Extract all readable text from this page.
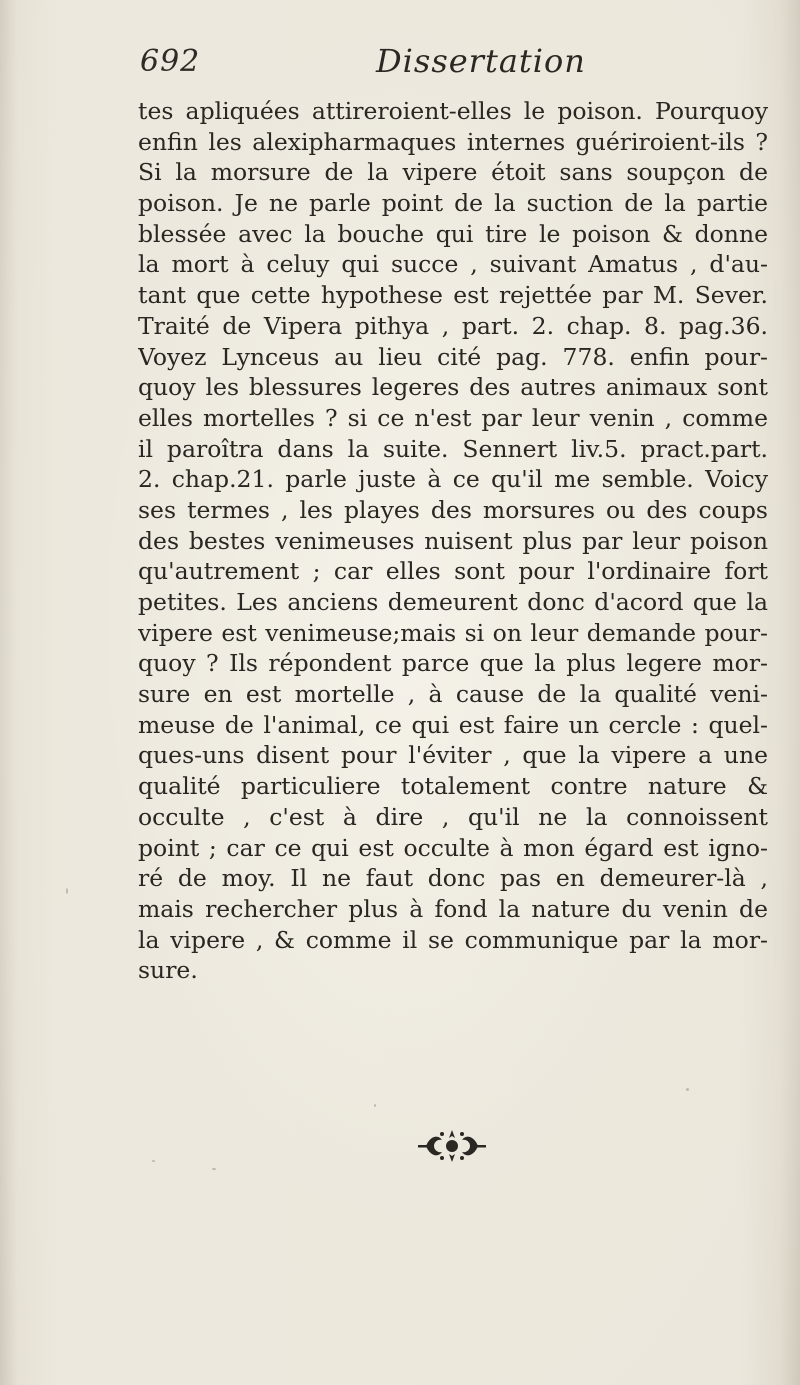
692	Dissertation
tes apliquées attireroient-elles le poison. Pourquoy
enfin les alexipharmaques internes guériroient-ils ?
Si la morsure de la vipere étoit sans soupçon de
poison. Je ne parle point de la suction de la partie
blessée avec la bouche qui tire le poison & donne
la mort à celuy qui succe , suivant Amatus , d'au-
tant que cette hypothese est rejettée par M. Sever.
Traité de Vipera pithya , part. 2. chap. 8. pag.36.
Voyez Lynceus au lieu cité pag. 778. enfin pour-
quoy les blessures legeres des autres animaux sont
elles mortelles ? si ce n'est par leur venin , comme
il paroîtra dans la suite. Sennert liv.5. pract.part.
2. chap.21. parle juste à ce qu'il me semble. Voicy
ses termes , les playes des morsures ou des coups
des bestes venimeuses nuisent plus par leur poison
qu'autrement ; car elles sont pour l'ordinaire fort
petites. Les anciens demeurent donc d'acord que la
vipere est venimeuse;mais si on leur demande pour-
quoy ? Ils répondent parce que la plus legere mor-
sure en est mortelle , à cause de la qualité veni-
meuse de l'animal, ce qui est faire un cercle : quel-
ques-uns disent pour l'éviter , que la vipere a une
qualité particuliere totalement contre nature &
occulte , c'est à dire , qu'il ne la connoissent
point ; car ce qui est occulte à mon égard est igno-
ré de moy. Il ne faut donc pas en demeurer-là ,
mais rechercher plus à fond la nature du venin de
la vipere , & comme il se communique par la mor-
sure.
